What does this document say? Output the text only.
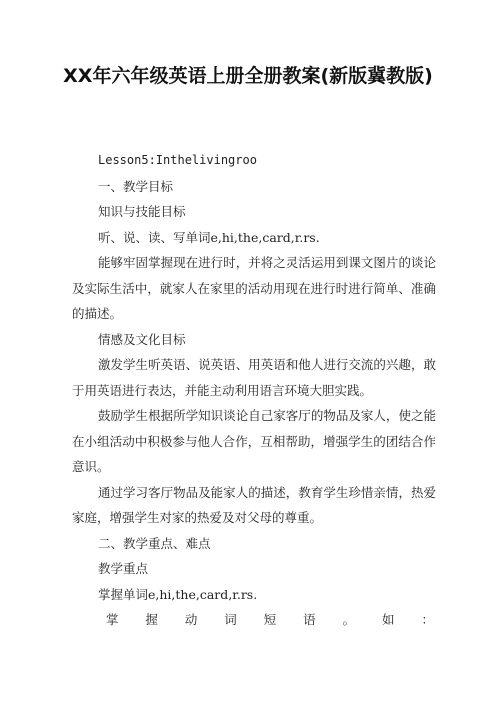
XX年六年级英语上册全册教案(新版冀教版)

Lesson5:Inthelivingroo

一、教学目标

知识与技能目标

听、说、读、写单词e,hi,the,card,r.rs.

能够牢固掌握现在进行时，并将之灵活运用到课文图片的谈论及实际生活中，就家人在家里的活动用现在进行时进行简单、准确的描述。

情感及文化目标

激发学生听英语、说英语、用英语和他人进行交流的兴趣，敢于用英语进行表达，并能主动利用语言环境大胆实践。

鼓励学生根据所学知识谈论自己家客厅的物品及家人，使之能在小组活动中积极参与他人合作，互相帮助，增强学生的团结合作意识。

通过学习客厅物品及能家人的描述，教育学生珍惜亲情，热爱家庭，增强学生对家的热爱及对父母的尊重。

二、教学重点、难点

教学重点

掌握单词e,hi,the,card,r.rs.

掌握动词短语。如：
